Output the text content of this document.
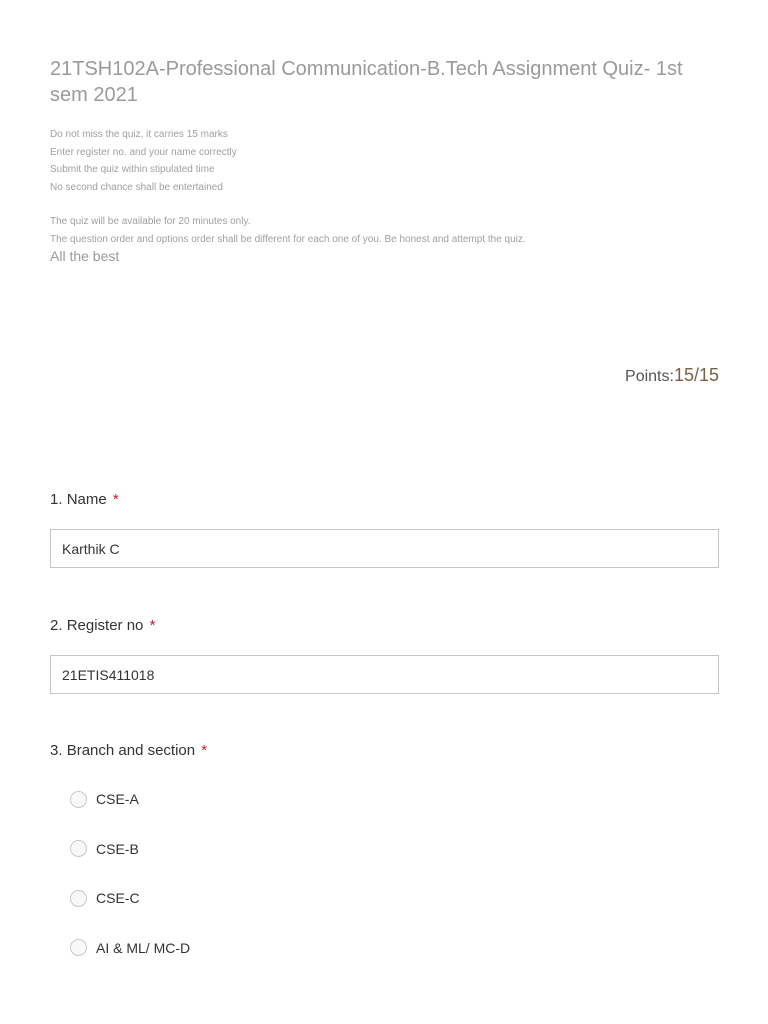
21TSH102A-Professional Communication-B.Tech Assignment Quiz- 1st sem 2021
Do not miss the quiz, it carries 15 marks
Enter register no. and your name correctly
Submit the quiz within stipulated time
No second chance shall be entertained
The quiz will be available for 20 minutes only.
The question order and options order shall be different for each one of you. Be honest and attempt the quiz.
All the best
Points:15/15
1. Name *
Karthik C
2. Register no *
21ETIS411018
3. Branch and section *
CSE-A
CSE-B
CSE-C
AI & ML/ MC-D
